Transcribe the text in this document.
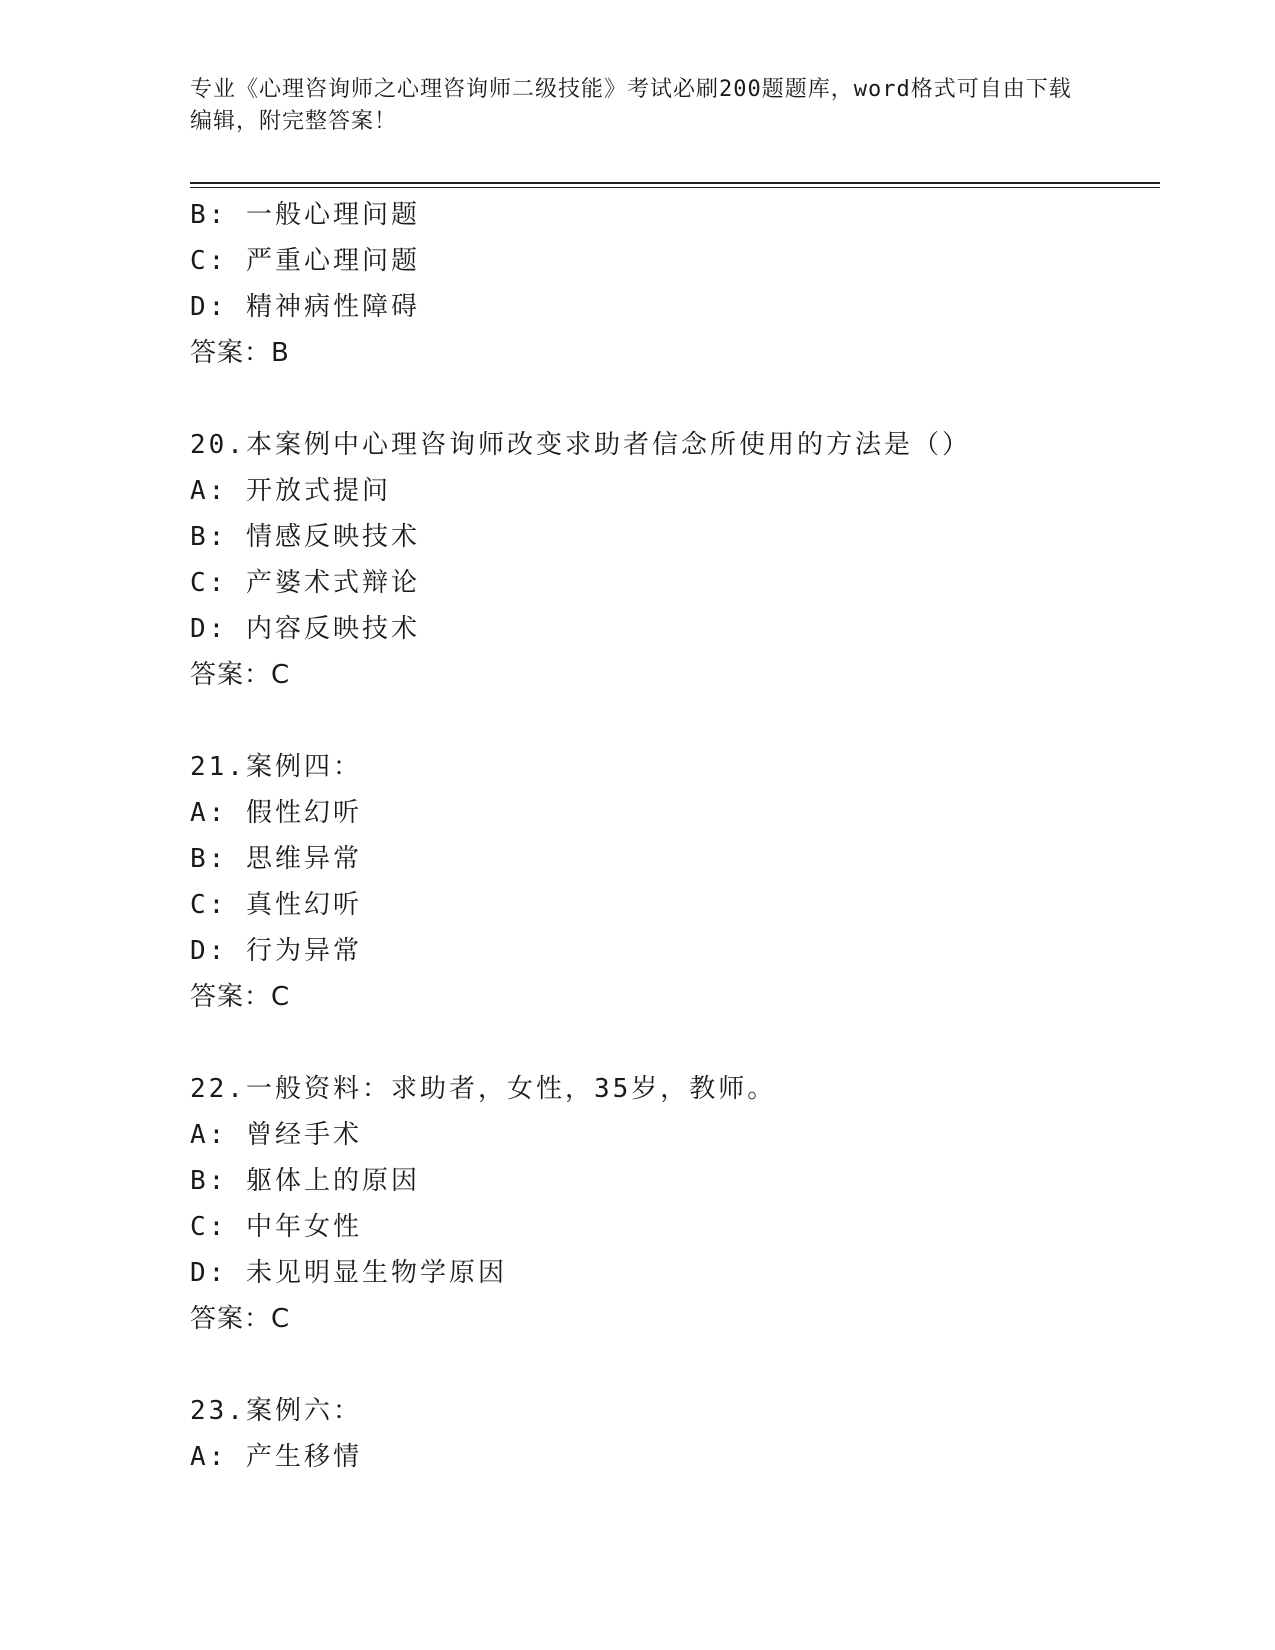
专业《心理咨询师之心理咨询师二级技能》考试必刷200题题库，word格式可自由下载编辑，附完整答案！
B: 一般心理问题
C: 严重心理问题
D: 精神病性障碍
答案：B
20.本案例中心理咨询师改变求助者信念所使用的方法是（）
A: 开放式提问
B: 情感反映技术
C: 产婆术式辩论
D: 内容反映技术
答案：C
21.案例四：
A: 假性幻听
B: 思维异常
C: 真性幻听
D: 行为异常
答案：C
22.一般资料：求助者，女性，35岁，教师。
A: 曾经手术
B: 躯体上的原因
C: 中年女性
D: 未见明显生物学原因
答案：C
23.案例六：
A: 产生移情
